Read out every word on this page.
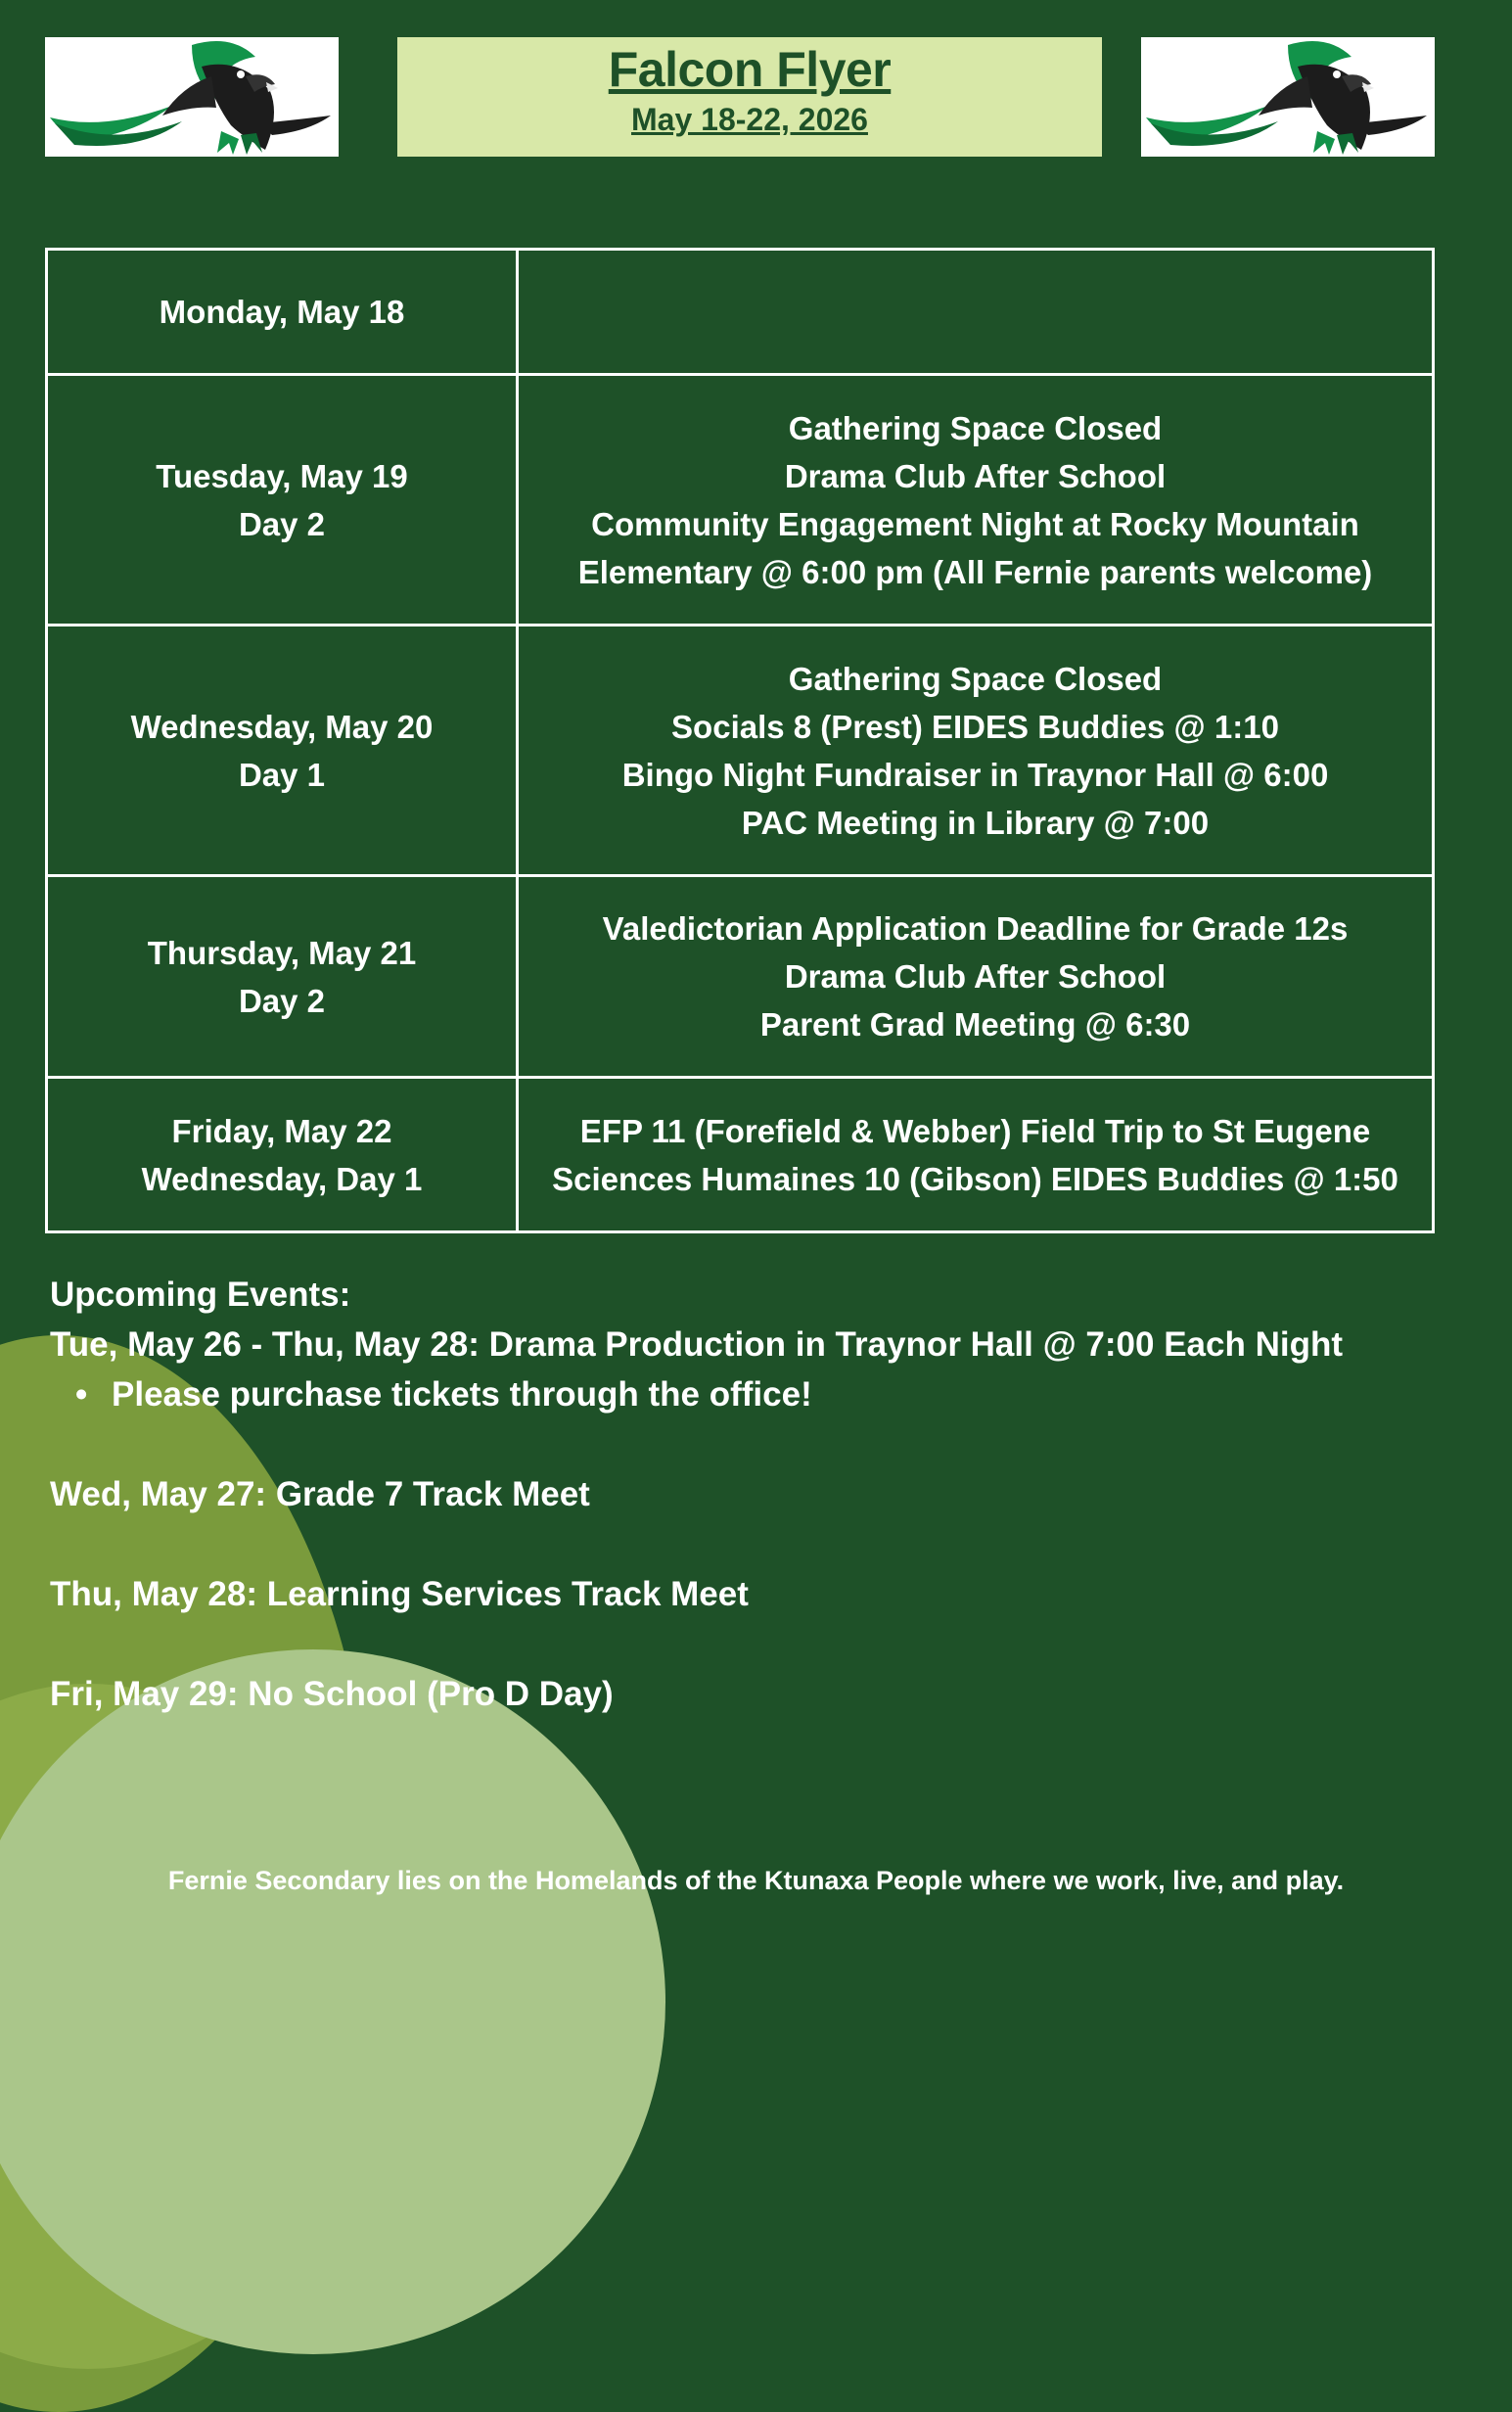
Falcon Flyer
May 18-22, 2026
Monday, May 18	

Tuesday, May 19
Day 2	Gathering Space Closed
Drama Club After School
Community Engagement Night at Rocky Mountain
Elementary @ 6:00 pm (All Fernie parents welcome)

Wednesday, May 20
Day 1	Gathering Space Closed
Socials 8 (Prest) EIDES Buddies @ 1:10
Bingo Night Fundraiser in Traynor Hall @ 6:00
PAC Meeting in Library @ 7:00

Thursday, May 21
Day 2	Valedictorian Application Deadline for Grade 12s
Drama Club After School
Parent Grad Meeting @ 6:30

Friday, May 22
Wednesday, Day 1	EFP 11 (Forefield & Webber) Field Trip to St Eugene
Sciences Humaines 10 (Gibson) EIDES Buddies @ 1:50
Upcoming Events:
Tue, May 26 - Thu, May 28: Drama Production in Traynor Hall @ 7:00 Each Night
• Please purchase tickets through the office!
Wed, May 27: Grade 7 Track Meet
Thu, May 28: Learning Services Track Meet
Fri, May 29: No School (Pro D Day)
Fernie Secondary lies on the Homelands of the Ktunaxa People where we work, live, and play.
